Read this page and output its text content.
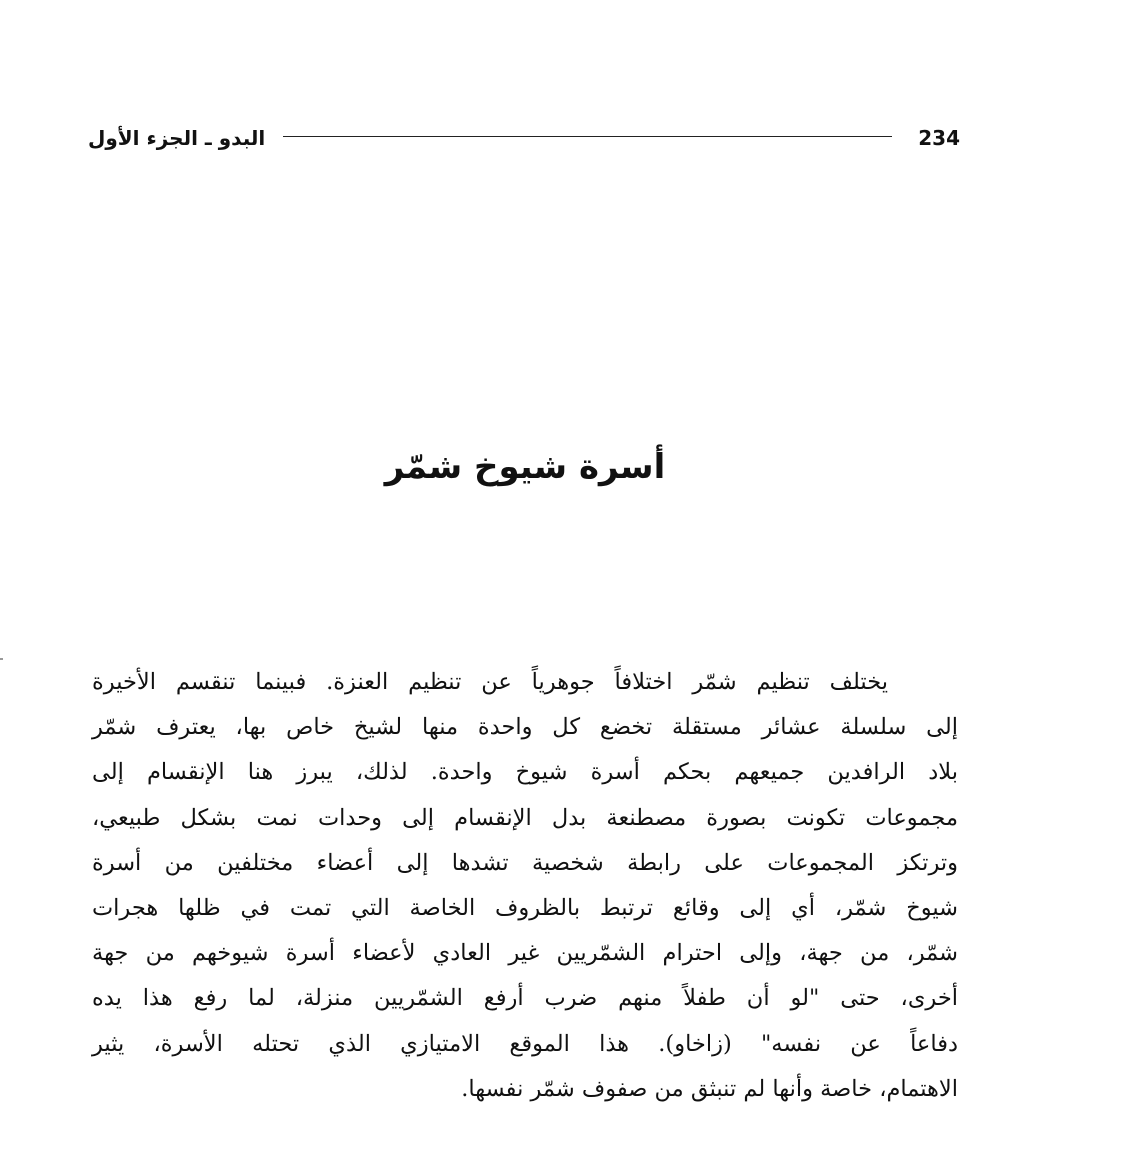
البدو ـ الجزء الأول	234
أسرة شيوخ شمّر
يختلف تنظيم شمّر اختلافاً جوهرياً عن تنظيم العنزة. فبينما تنقسم الأخيرة
إلى سلسلة عشائر مستقلة تخضع كل واحدة منها لشيخ خاص بها، يعترف شمّر
بلاد الرافدين جميعهم بحكم أسرة شيوخ واحدة. لذلك، يبرز هنا الإنقسام إلى
مجموعات تكونت بصورة مصطنعة بدل الإنقسام إلى وحدات نمت بشكل طبيعي،
وترتكز المجموعات على رابطة شخصية تشدها إلى أعضاء مختلفين من أسرة
شيوخ شمّر، أي إلى وقائع ترتبط بالظروف الخاصة التي تمت في ظلها هجرات
شمّر، من جهة، وإلى احترام الشمّريين غير العادي لأعضاء أسرة شيوخهم من جهة
أخرى، حتى "لو أن طفلاً منهم ضرب أرفع الشمّريين منزلة، لما رفع هذا يده
دفاعاً عن نفسه" (زاخاو). هذا الموقع الامتيازي الذي تحتله الأسرة، يثير
الاهتمام، خاصة وأنها لم تنبثق من صفوف شمّر نفسها.
